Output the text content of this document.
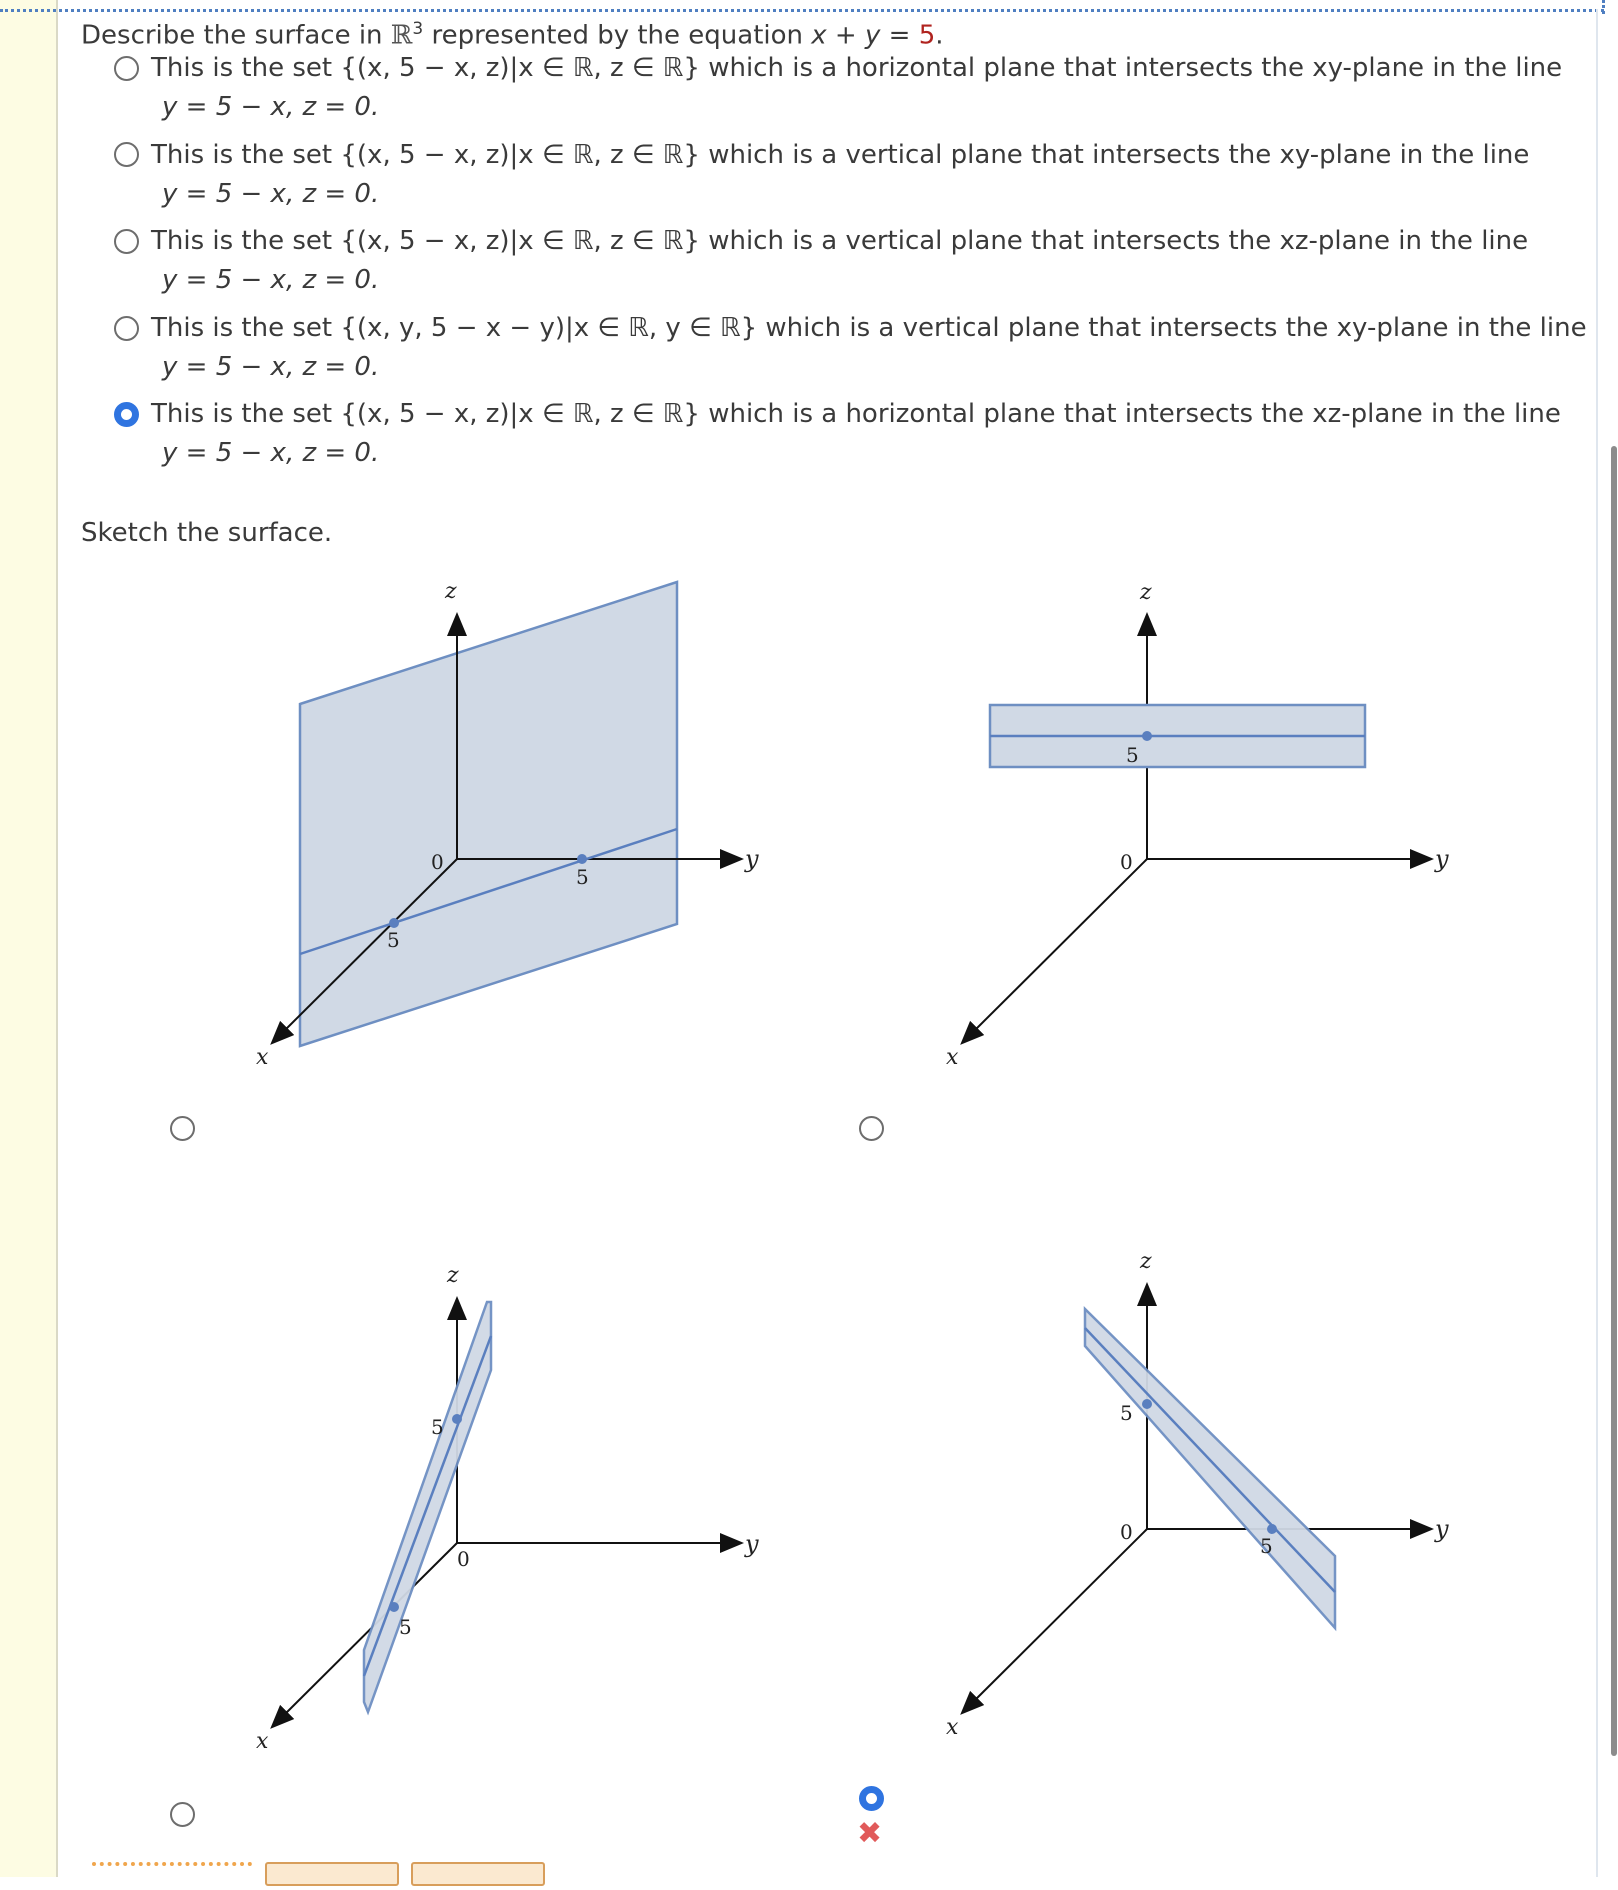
Describe the surface in ℝ$^3$ represented by the equation x + y = 5.
This is the set {(x, 5 − x, z)|x ∈ ℝ, z ∈ ℝ} which is a horizontal plane that intersects the xy-plane in the line
y = 5 − x, z = 0.
This is the set {(x, 5 − x, z)|x ∈ ℝ, z ∈ ℝ} which is a vertical plane that intersects the xy-plane in the line
y = 5 − x, z = 0.
This is the set {(x, 5 − x, z)|x ∈ ℝ, z ∈ ℝ} which is a vertical plane that intersects the xz-plane in the line
y = 5 − x, z = 0.
This is the set {(x, y, 5 − x − y)|x ∈ ℝ, y ∈ ℝ} which is a vertical plane that intersects the xy-plane in the line
y = 5 − x, z = 0.
This is the set {(x, 5 − x, z)|x ∈ ℝ, z ∈ ℝ} which is a horizontal plane that intersects the xz-plane in the line
y = 5 − x, z = 0.
Sketch the surface.
z
y
x
0
5
5
z
y
x
0
5
z
y
x
0
5
5
z
y
x
0
5
5
✖
